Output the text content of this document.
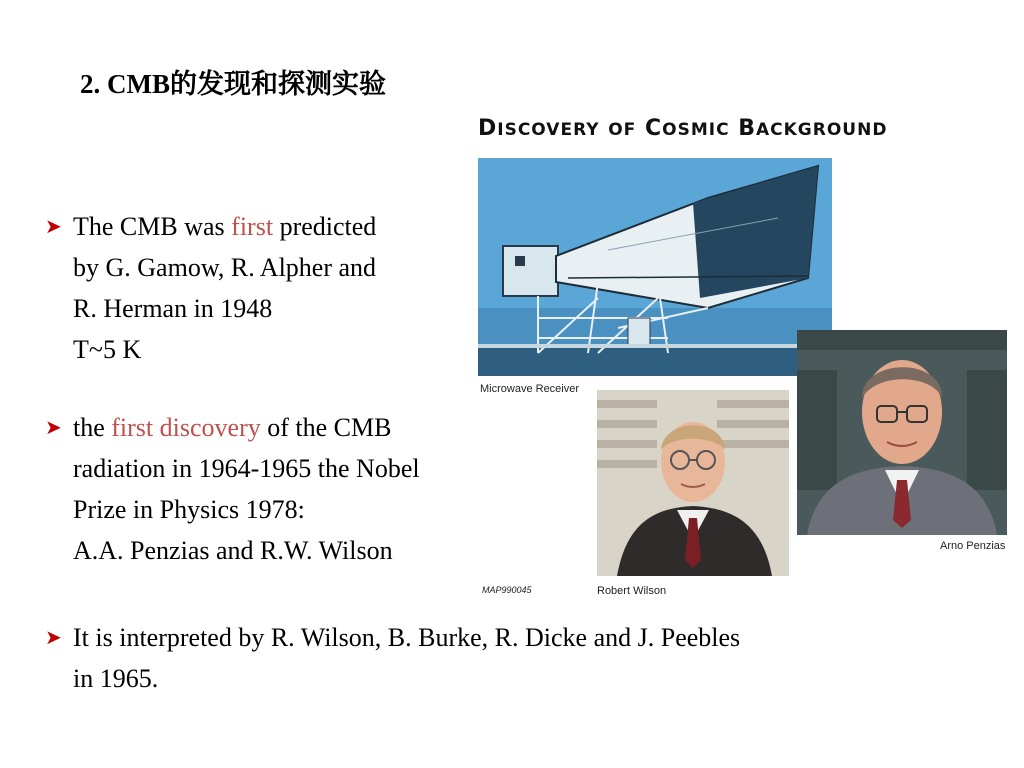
2. CMB的发现和探测实验
DISCOVERY OF COSMIC BACKGROUND
Microwave Receiver
Robert Wilson
Arno Penzias
MAP990045
➤ The CMB was first predicted
by G. Gamow, R. Alpher and
R. Herman in 1948
T~5 K
➤ the first discovery of the CMB
radiation in 1964-1965 the Nobel
Prize in Physics 1978:
A.A. Penzias and R.W. Wilson
➤ It is interpreted by R. Wilson, B. Burke, R. Dicke and J. Peebles
in 1965.
